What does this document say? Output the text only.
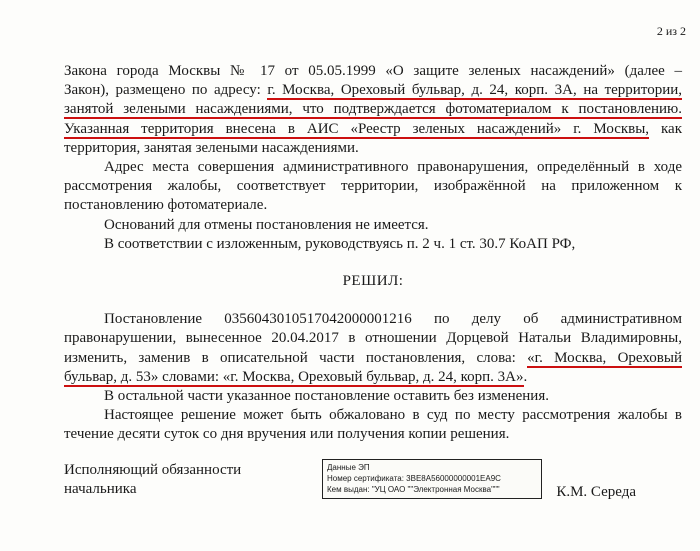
2 из 2
Закона города Москвы № 17 от 05.05.1999 «О защите зеленых насаждений» (далее –
Закон), размещено по адресу: г. Москва, Ореховый бульвар, д. 24, корп. 3А, на территории,
занятой зелеными насаждениями, что подтверждается фотоматериалом к постановлению.
Указанная территория внесена в АИС «Реестр зеленых насаждений» г. Москвы, как
территория, занятая зелеными насаждениями.
Адрес места совершения административного правонарушения, определённый в ходе
рассмотрения жалобы, соответствует территории, изображённой на приложенном к
постановлению фотоматериале.
Оснований для отмены постановления не имеется.
В соответствии с изложенным, руководствуясь п. 2 ч. 1 ст. 30.7 КоАП РФ,
РЕШИЛ:
Постановление 0356043010517042000001216 по делу об административном
правонарушении, вынесенное 20.04.2017 в отношении Дорцевой Натальи Владимировны,
изменить, заменив в описательной части постановления, слова: «г. Москва, Ореховый
бульвар, д. 53» словами: «г. Москва, Ореховый бульвар, д. 24, корп. 3А».
В остальной части указанное постановление оставить без изменения.
Настоящее решение может быть обжаловано в суд по месту рассмотрения жалобы в
течение десяти суток со дня вручения или получения копии решения.
Исполняющий обязанности
начальника
Данные ЭП
Номер сертификата: 3BE8A56000000001EA9C
Кем выдан: "УЦ ОАО ""Электронная Москва"""	К.М. Середа
